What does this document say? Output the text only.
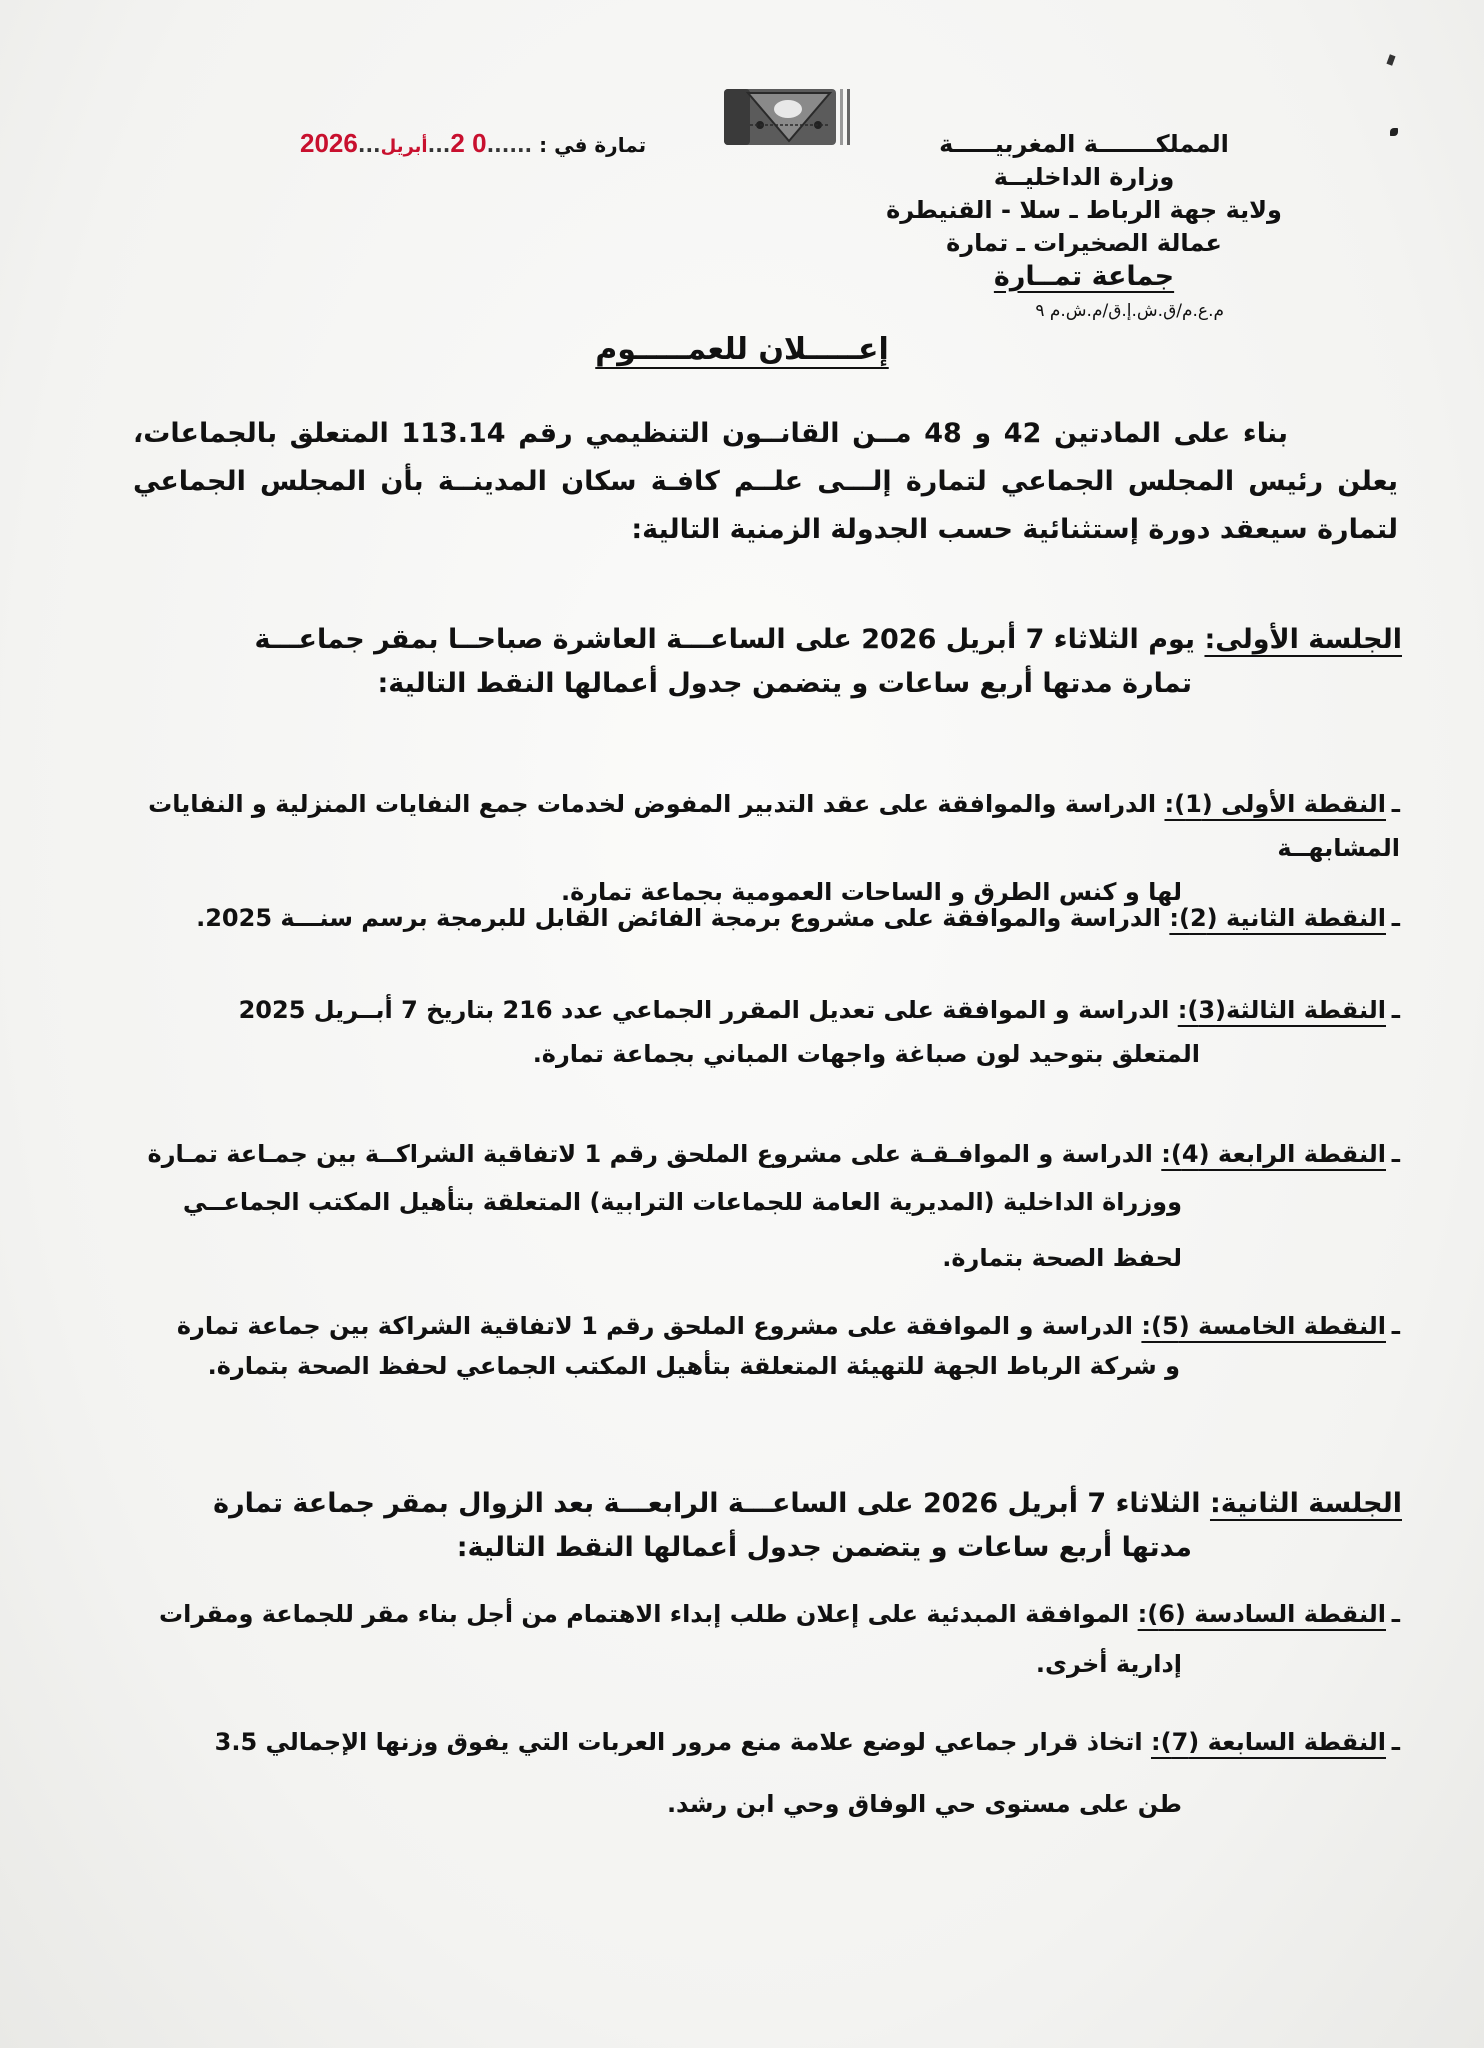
المملكـــــــة المغربيـــــة
وزارة الداخليــة
ولاية جهة الرباط ـ سلا - القنيطرة
عمالة الصخيرات ـ تمارة
جماعة تمــارة
م.ع.م/ق.ش.إ.ق/م.ش.م ٩
تمارة في : ......0 2...أبريل...2026
إعـــــلان للعمـــــوم
بناء على المادتين 42 و 48 مــن القانــون التنظيمي رقم 113.14 المتعلق بالجماعات، يعلن رئيس المجلس الجماعي لتمارة إلـــى علــم كافـة سكان المدينــة بأن المجلس الجماعي لتمارة سيعقد دورة إستثنائية حسب الجدولة الزمنية التالية:
الجلسة الأولى: يوم الثلاثاء 7 أبريل 2026 على الساعـــة العاشرة صباحــا بمقر جماعـــة
تمارة مدتها أربع ساعات و يتضمن جدول أعمالها النقط التالية:
ـالنقطة الأولى (1): الدراسة والموافقة على عقد التدبير المفوض لخدمات جمع النفايات المنزلية و النفايات المشابهــة
لها و كنس الطرق و الساحات العمومية بجماعة تمارة.
ـالنقطة الثانية (2): الدراسة والموافقة على مشروع برمجة الفائض القابل للبرمجة برسم سنـــة 2025.
ـالنقطة الثالثة(3): الدراسة و الموافقة على تعديل المقرر الجماعي عدد 216 بتاريخ 7 أبــريل 2025
المتعلق بتوحيد لون صباغة واجهات المباني بجماعة تمارة.
ـالنقطة الرابعة (4): الدراسة و الموافـقـة على مشروع الملحق رقم 1 لاتفاقية الشراكــة بين جمـاعة تمـارة
ووزراة الداخلية (المديرية العامة للجماعات الترابية) المتعلقة بتأهيل المكتب الجماعــي
لحفظ الصحة بتمارة.
ـالنقطة الخامسة (5): الدراسة و الموافقة على مشروع الملحق رقم 1 لاتفاقية الشراكة بين جماعة تمارة
و شركة الرباط الجهة للتهيئة المتعلقة بتأهيل المكتب الجماعي لحفظ الصحة بتمارة.
الجلسة الثانية: الثلاثاء 7 أبريل 2026 على الساعـــة الرابعـــة بعد الزوال بمقر جماعة تمارة
مدتها أربع ساعات و يتضمن جدول أعمالها النقط التالية:
ـالنقطة السادسة (6): الموافقة المبدئية على إعلان طلب إبداء الاهتمام من أجل بناء مقر للجماعة ومقرات
إدارية أخرى.
ـالنقطة السابعة (7): اتخاذ قرار جماعي لوضع علامة منع مرور العربات التي يفوق وزنها الإجمالي 3.5
طن على مستوى حي الوفاق وحي ابن رشد.
